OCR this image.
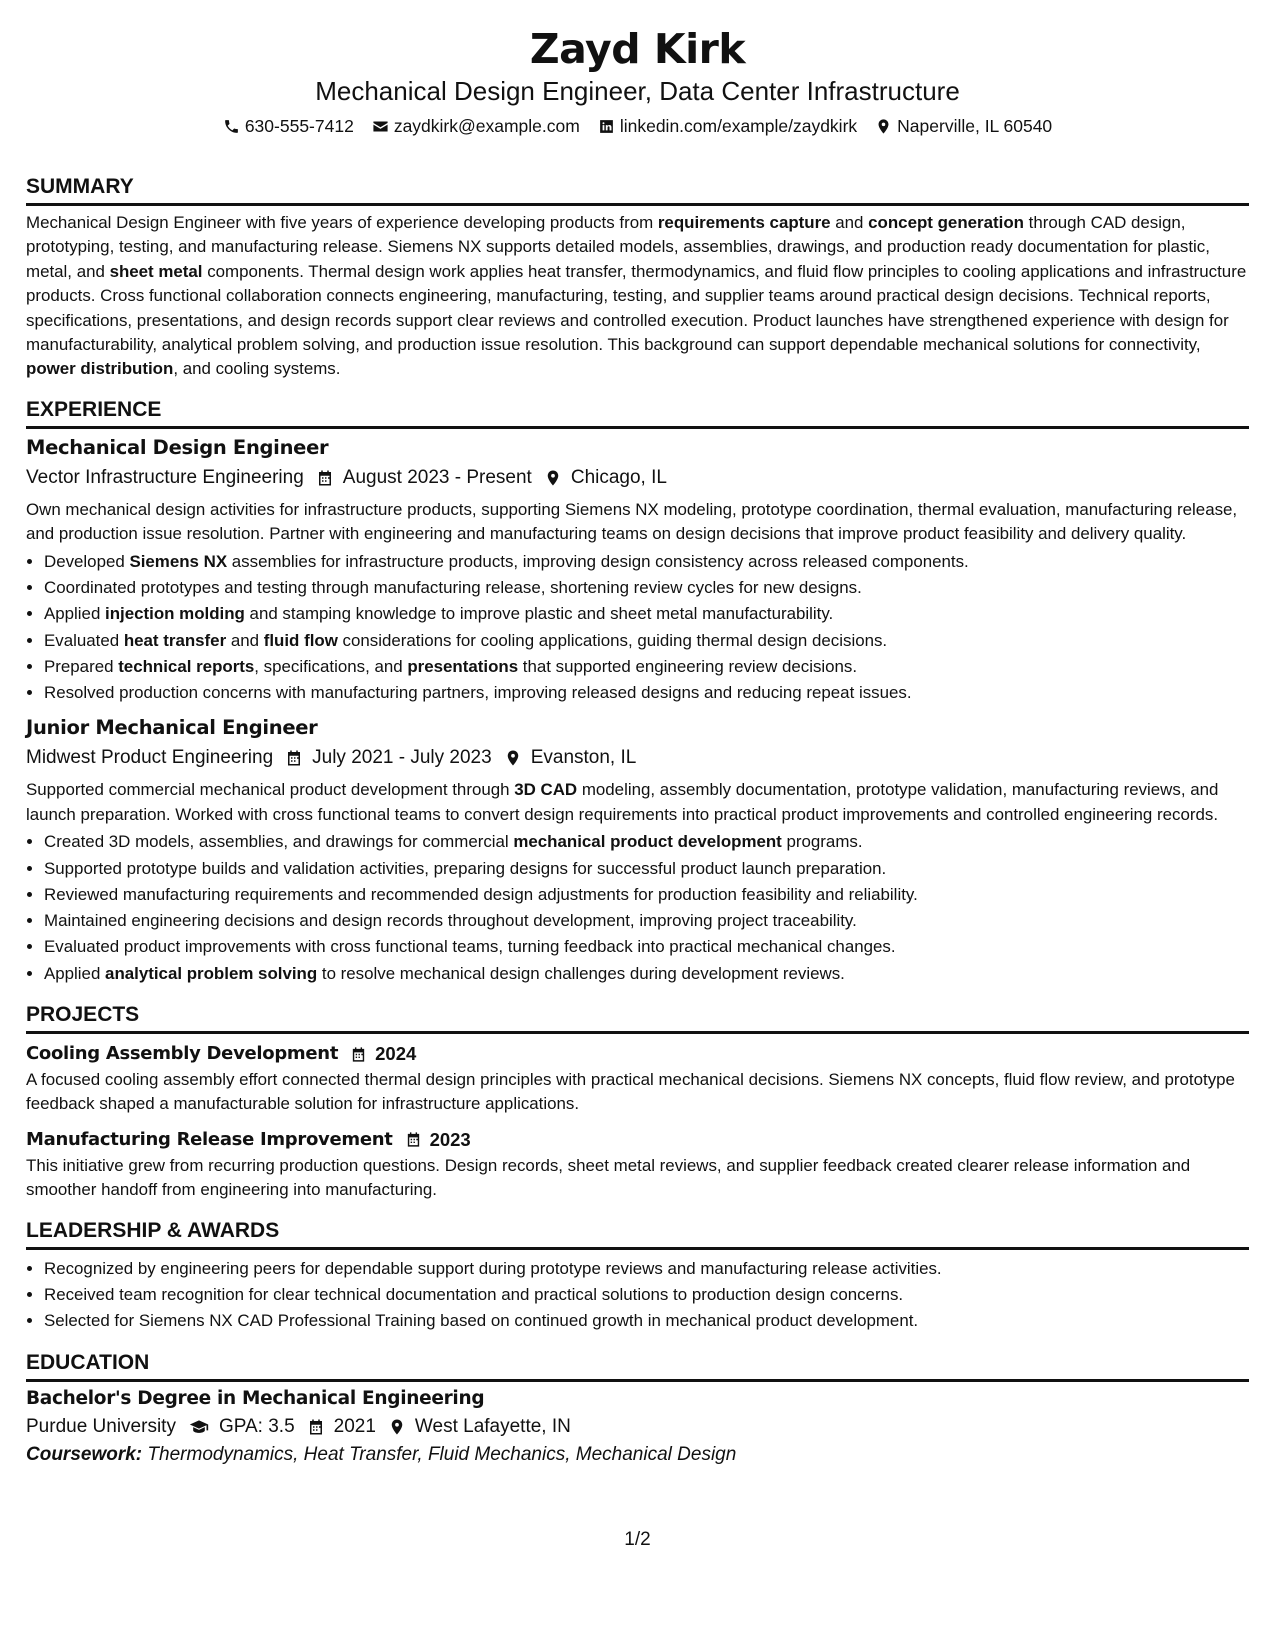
Zayd Kirk
Mechanical Design Engineer, Data Center Infrastructure
630-555-7412 zaydkirk@example.com linkedin.com/example/zaydkirk Naperville, IL 60540
SUMMARY

Mechanical Design Engineer with five years of experience developing products from requirements capture and concept generation through CAD design, prototyping, testing, and manufacturing release. Siemens NX supports detailed models, assemblies, drawings, and production ready documentation for plastic, metal, and sheet metal components. Thermal design work applies heat transfer, thermodynamics, and fluid flow principles to cooling applications and infrastructure products. Cross functional collaboration connects engineering, manufacturing, testing, and supplier teams around practical design decisions. Technical reports, specifications, presentations, and design records support clear reviews and controlled execution. Product launches have strengthened experience with design for manufacturability, analytical problem solving, and production issue resolution. This background can support dependable mechanical solutions for connectivity, power distribution, and cooling systems.

EXPERIENCE
Mechanical Design Engineer
Vector Infrastructure Engineering August 2023 - Present Chicago, IL

Own mechanical design activities for infrastructure products, supporting Siemens NX modeling, prototype coordination, thermal evaluation, manufacturing release, and production issue resolution. Partner with engineering and manufacturing teams on design decisions that improve product feasibility and delivery quality.

• Developed Siemens NX assemblies for infrastructure products, improving design consistency across released components.
• Coordinated prototypes and testing through manufacturing release, shortening review cycles for new designs.
• Applied injection molding and stamping knowledge to improve plastic and sheet metal manufacturability.
• Evaluated heat transfer and fluid flow considerations for cooling applications, guiding thermal design decisions.
• Prepared technical reports, specifications, and presentations that supported engineering review decisions.
• Resolved production concerns with manufacturing partners, improving released designs and reducing repeat issues.
Junior Mechanical Engineer
Midwest Product Engineering July 2021 - July 2023 Evanston, IL

Supported commercial mechanical product development through 3D CAD modeling, assembly documentation, prototype validation, manufacturing reviews, and launch preparation. Worked with cross functional teams to convert design requirements into practical product improvements and controlled engineering records.

• Created 3D models, assemblies, and drawings for commercial mechanical product development programs.
• Supported prototype builds and validation activities, preparing designs for successful product launch preparation.
• Reviewed manufacturing requirements and recommended design adjustments for production feasibility and reliability.
• Maintained engineering decisions and design records throughout development, improving project traceability.
• Evaluated product improvements with cross functional teams, turning feedback into practical mechanical changes.
• Applied analytical problem solving to resolve mechanical design challenges during development reviews.
PROJECTS
Cooling Assembly Development 2024

A focused cooling assembly effort connected thermal design principles with practical mechanical decisions. Siemens NX concepts, fluid flow review, and prototype feedback shaped a manufacturable solution for infrastructure applications.

Manufacturing Release Improvement 2023

This initiative grew from recurring production questions. Design records, sheet metal reviews, and supplier feedback created clearer release information and smoother handoff from engineering into manufacturing.

LEADERSHIP & AWARDS
• Recognized by engineering peers for dependable support during prototype reviews and manufacturing release activities.
• Received team recognition for clear technical documentation and practical solutions to production design concerns.
• Selected for Siemens NX CAD Professional Training based on continued growth in mechanical product development.
EDUCATION
Bachelor's Degree in Mechanical Engineering
Purdue University GPA: 3.5 2021 West Lafayette, IN
Coursework: Thermodynamics, Heat Transfer, Fluid Mechanics, Mechanical Design
1/2
